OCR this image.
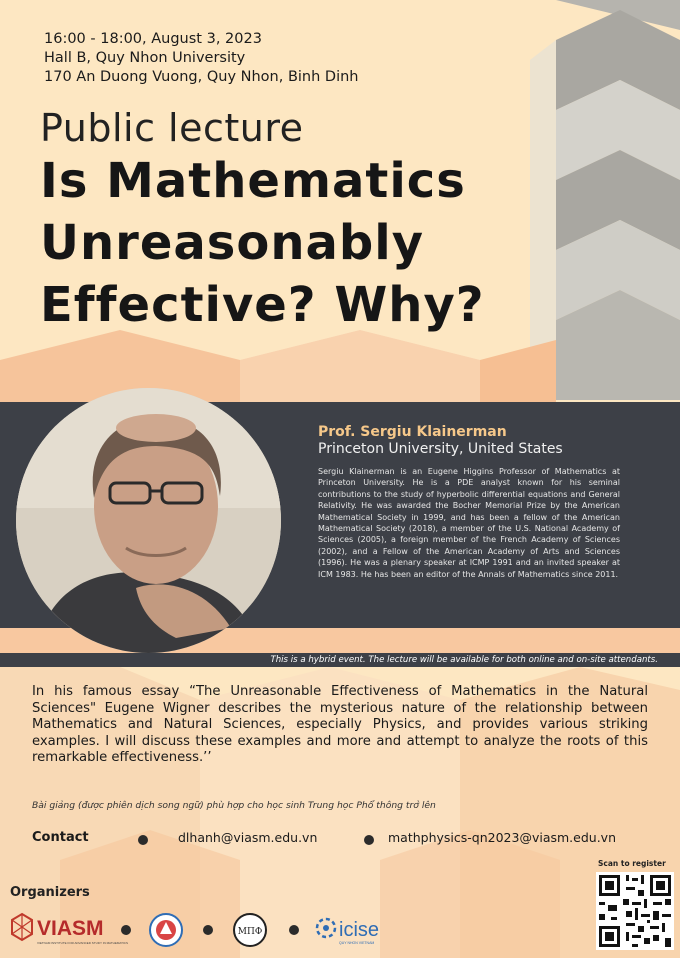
16:00 - 18:00, August 3, 2023
Hall B, Quy Nhon University
170 An Duong Vuong, Quy Nhon, Binh Dinh
Public lecture
Is Mathematics
Unreasonably
Effective? Why?
Prof. Sergiu Klainerman
Princeton University, United States
Sergiu Klainerman is an Eugene Higgins Professor of Mathematics at Princeton University. He is a PDE analyst known for his seminal contributions to the study of hyperbolic differential equations and General Relativity. He was awarded the Bocher Memorial Prize by the American Mathematical Society in 1999, and has been a fellow of the American Mathematical Society (2018), a member of the U.S. National Academy of Sciences (2005), a foreign member of the French Academy of Sciences (2002), and a Fellow of the American Academy of Arts and Sciences (1996). He was a plenary speaker at ICMP 1991 and an invited speaker at ICM 1983. He has been an editor of the Annals of Mathematics since 2011.
This is a hybrid event. The lecture will be available for both online and on-site attendants.
In his famous essay “The Unreasonable Effectiveness of Mathematics in the Natural Sciences" Eugene Wigner describes the mysterious nature of the relationship between Mathematics and Natural Sciences, especially Physics, and provides various striking examples. I will discuss these examples and more and attempt to analyze the roots of this remarkable effectiveness.’’
Bài giảng (được phiên dịch song ngữ) phù hợp cho học sinh Trung học Phổ thông trở lên
Contact	dlhanh@viasm.edu.vn	mathphysics-qn2023@viasm.edu.vn
Scan to register
Organizers
VIASM
VIETNAM INSTITUTE FOR ADVANCED STUDY IN MATHEMATICS
MΠΦ	icise
QUY NHON VIETNAM
